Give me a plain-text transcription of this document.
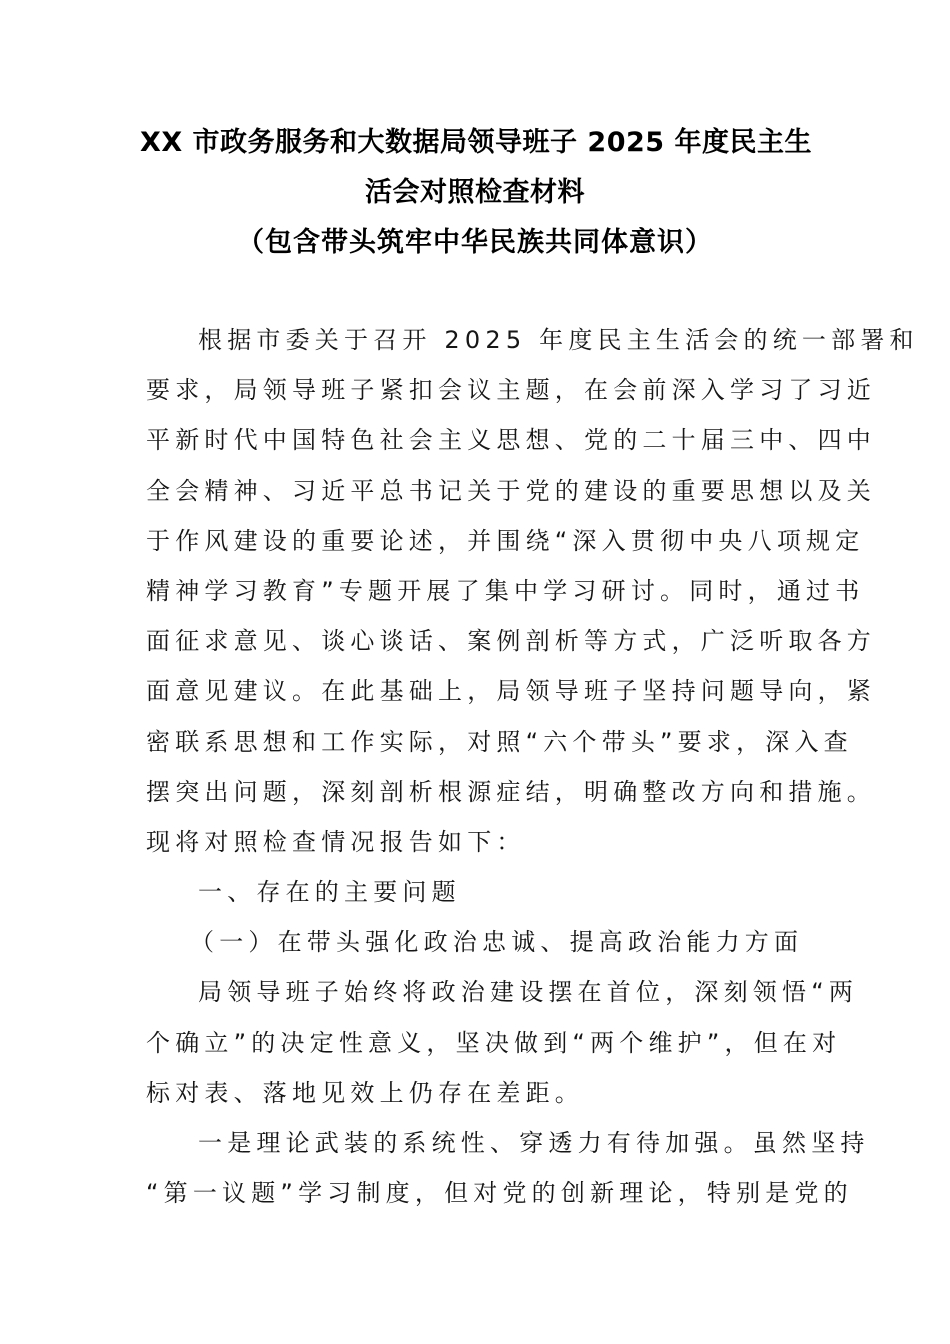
XX 市政务服务和大数据局领导班子 2025 年度民主生
活会对照检查材料
（包含带头筑牢中华民族共同体意识）
根据市委关于召开 2025 年度民主生活会的统一部署和
要求，局领导班子紧扣会议主题，在会前深入学习了习近
平新时代中国特色社会主义思想、党的二十届三中、四中
全会精神、习近平总书记关于党的建设的重要思想以及关
于作风建设的重要论述，并围绕“深入贯彻中央八项规定
精神学习教育”专题开展了集中学习研讨。同时，通过书
面征求意见、谈心谈话、案例剖析等方式，广泛听取各方
面意见建议。在此基础上，局领导班子坚持问题导向，紧
密联系思想和工作实际，对照“六个带头”要求，深入查
摆突出问题，深刻剖析根源症结，明确整改方向和措施。
现将对照检查情况报告如下：
一、存在的主要问题
（一）在带头强化政治忠诚、提高政治能力方面
局领导班子始终将政治建设摆在首位，深刻领悟“两
个确立”的决定性意义，坚决做到“两个维护”，但在对
标对表、落地见效上仍存在差距。
一是理论武装的系统性、穿透力有待加强。虽然坚持
“第一议题”学习制度，但对党的创新理论，特别是党的
